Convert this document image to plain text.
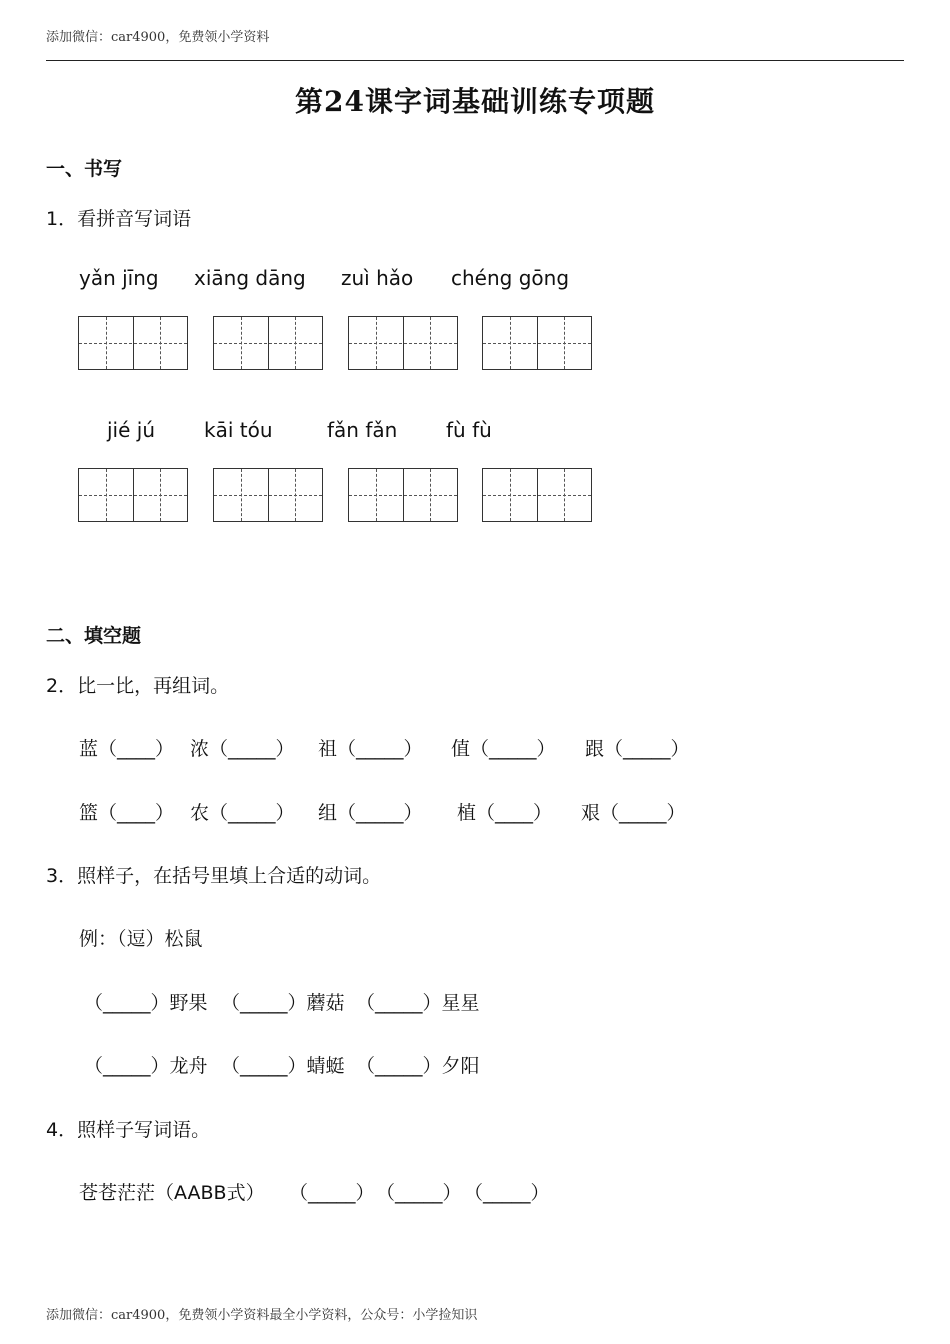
添加微信：car4900，免费领小学资料
第24课字词基础训练专项题
一、书写
1．看拼音写词语
yǎn jīng xiāng dāng zuì hǎo chéng gōng
jié jú kāi tóu	fǎn fǎn fù fù
二、填空题
2．比一比，再组词。
蓝（____） 浓（_____） 祖（_____） 值（_____） 跟（_____）
篮（____） 农（_____） 组（_____） 植（____） 艰（_____）
3．照样子，在括号里填上合适的动词。
例：（逗）松鼠
（_____）野果 （_____）蘑菇 （_____）星星
（_____）龙舟 （_____）蜻蜓 （_____）夕阳
4．照样子写词语。
苍苍茫茫（AABB式） （_____） （_____） （_____）
添加微信：car4900，免费领小学资料最全小学资料，公众号：小学捡知识
